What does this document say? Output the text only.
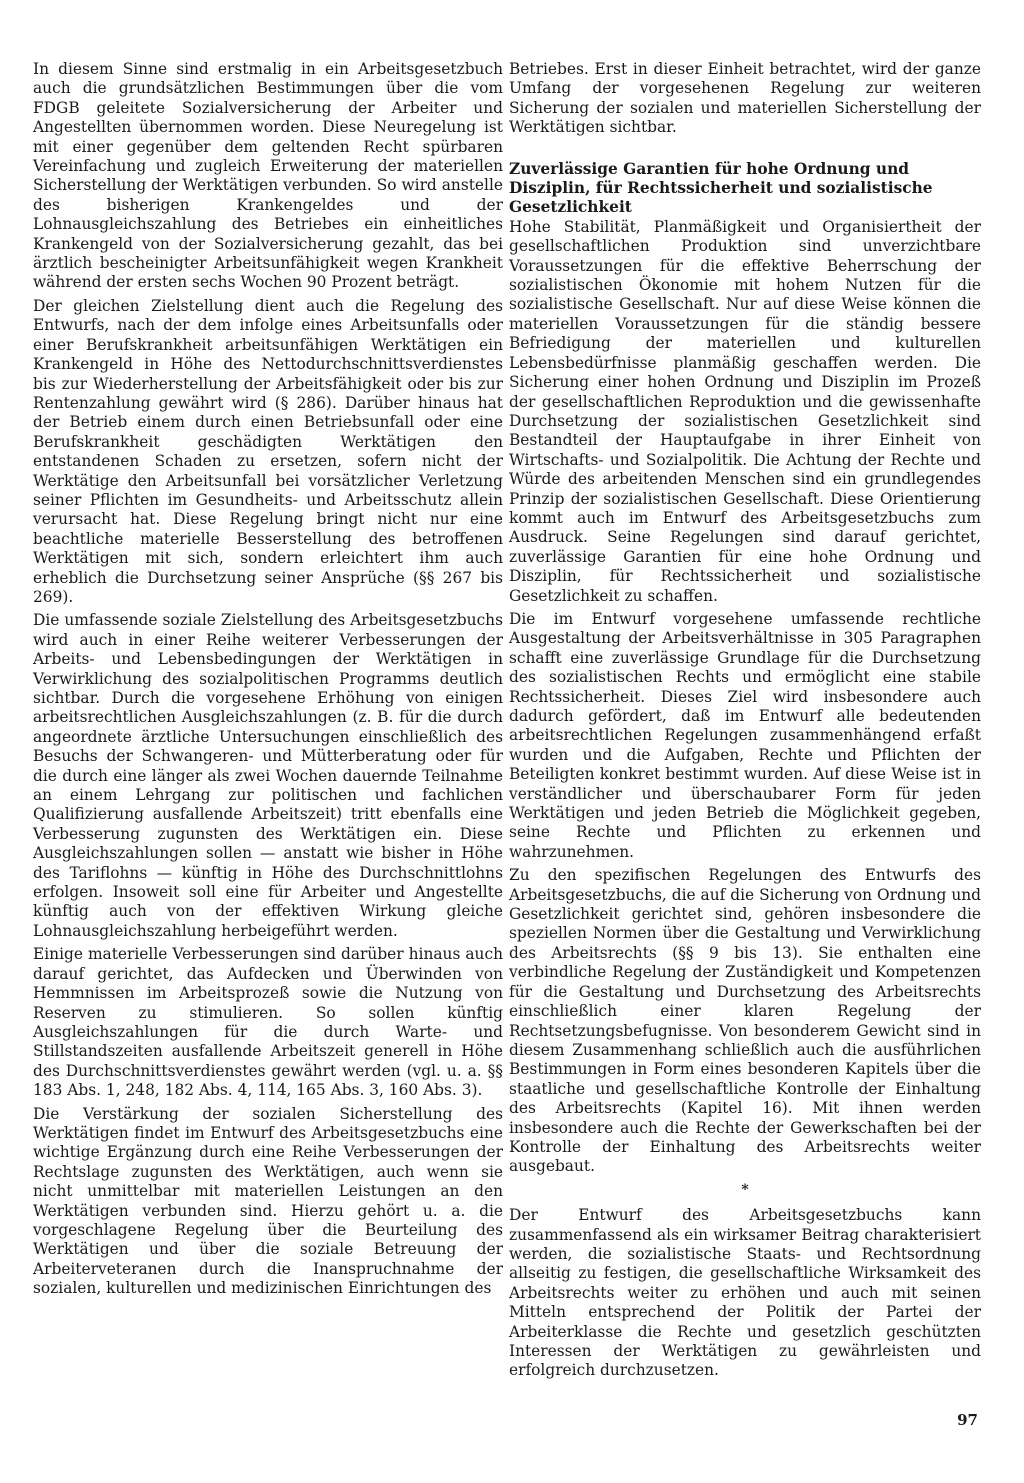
In diesem Sinne sind erstmalig in ein Arbeitsgesetzbuch auch die grundsätzlichen Bestimmungen über die vom FDGB geleitete Sozialversicherung der Arbeiter und Angestellten übernommen worden. Diese Neuregelung ist mit einer gegenüber dem geltenden Recht spürbaren Vereinfachung und zugleich Erweiterung der materiellen Sicherstellung der Werktätigen verbunden. So wird anstelle des bisherigen Krankengeldes und der Lohnausgleichszahlung des Betriebes ein einheitliches Krankengeld von der Sozialversicherung gezahlt, das bei ärztlich bescheinigter Arbeitsunfähigkeit wegen Krankheit während der ersten sechs Wochen 90 Prozent beträgt.

Der gleichen Zielstellung dient auch die Regelung des Entwurfs, nach der dem infolge eines Arbeitsunfalls oder einer Berufskrankheit arbeitsunfähigen Werktätigen ein Krankengeld in Höhe des Nettodurchschnittsverdienstes bis zur Wiederherstellung der Arbeitsfähigkeit oder bis zur Rentenzahlung gewährt wird (§ 286). Darüber hinaus hat der Betrieb einem durch einen Betriebsunfall oder eine Berufskrankheit geschädigten Werktätigen den entstandenen Schaden zu ersetzen, sofern nicht der Werktätige den Arbeitsunfall bei vorsätzlicher Verletzung seiner Pflichten im Gesundheits- und Arbeitsschutz allein verursacht hat. Diese Regelung bringt nicht nur eine beachtliche materielle Besserstellung des betroffenen Werktätigen mit sich, sondern erleichtert ihm auch erheblich die Durchsetzung seiner Ansprüche (§§ 267 bis 269).

Die umfassende soziale Zielstellung des Arbeitsgesetzbuchs wird auch in einer Reihe weiterer Verbesserungen der Arbeits- und Lebensbedingungen der Werktätigen in Verwirklichung des sozialpolitischen Programms deutlich sichtbar. Durch die vorgesehene Erhöhung von einigen arbeitsrechtlichen Ausgleichszahlungen (z. B. für die durch angeordnete ärztliche Untersuchungen einschließlich des Besuchs der Schwangeren- und Mütterberatung oder für die durch eine länger als zwei Wochen dauernde Teilnahme an einem Lehrgang zur politischen und fachlichen Qualifizierung ausfallende Arbeitszeit) tritt ebenfalls eine Verbesserung zugunsten des Werktätigen ein. Diese Ausgleichszahlungen sollen — anstatt wie bisher in Höhe des Tariflohns — künftig in Höhe des Durchschnittlohns erfolgen. Insoweit soll eine für Arbeiter und Angestellte künftig auch von der effektiven Wirkung gleiche Lohnausgleichszahlung herbeigeführt werden.

Einige materielle Verbesserungen sind darüber hinaus auch darauf gerichtet, das Aufdecken und Überwinden von Hemmnissen im Arbeitsprozeß sowie die Nutzung von Reserven zu stimulieren. So sollen künftig Ausgleichszahlungen für die durch Warte- und Stillstandszeiten ausfallende Arbeitszeit generell in Höhe des Durchschnittsverdienstes gewährt werden (vgl. u. a. §§ 183 Abs. 1, 248, 182 Abs. 4, 114, 165 Abs. 3, 160 Abs. 3).

Die Verstärkung der sozialen Sicherstellung des Werktätigen findet im Entwurf des Arbeitsgesetzbuchs eine wichtige Ergänzung durch eine Reihe Verbesserungen der Rechtslage zugunsten des Werktätigen, auch wenn sie nicht unmittelbar mit materiellen Leistungen an den Werktätigen verbunden sind. Hierzu gehört u. a. die vorgeschlagene Regelung über die Beurteilung des Werktätigen und über die soziale Betreuung der Arbeiterveteranen durch die Inanspruchnahme der sozialen, kulturellen und medizinischen Einrichtungen des

Betriebes. Erst in dieser Einheit betrachtet, wird der ganze Umfang der vorgesehenen Regelung zur weiteren Sicherung der sozialen und materiellen Sicherstellung der Werktätigen sichtbar.

Zuverlässige Garantien für hohe Ordnung und Disziplin, für Rechtssicherheit und sozialistische Gesetzlichkeit

Hohe Stabilität, Planmäßigkeit und Organisiertheit der gesellschaftlichen Produktion sind unverzichtbare Voraussetzungen für die effektive Beherrschung der sozialistischen Ökonomie mit hohem Nutzen für die sozialistische Gesellschaft. Nur auf diese Weise können die materiellen Voraussetzungen für die ständig bessere Befriedigung der materiellen und kulturellen Lebensbedürfnisse planmäßig geschaffen werden. Die Sicherung einer hohen Ordnung und Disziplin im Prozeß der gesellschaftlichen Reproduktion und die gewissenhafte Durchsetzung der sozialistischen Gesetzlichkeit sind Bestandteil der Hauptaufgabe in ihrer Einheit von Wirtschafts- und Sozialpolitik. Die Achtung der Rechte und Würde des arbeitenden Menschen sind ein grundlegendes Prinzip der sozialistischen Gesellschaft. Diese Orientierung kommt auch im Entwurf des Arbeitsgesetzbuchs zum Ausdruck. Seine Regelungen sind darauf gerichtet, zuverlässige Garantien für eine hohe Ordnung und Disziplin, für Rechtssicherheit und sozialistische Gesetzlichkeit zu schaffen.

Die im Entwurf vorgesehene umfassende rechtliche Ausgestaltung der Arbeitsverhältnisse in 305 Paragraphen schafft eine zuverlässige Grundlage für die Durchsetzung des sozialistischen Rechts und ermöglicht eine stabile Rechtssicherheit. Dieses Ziel wird insbesondere auch dadurch gefördert, daß im Entwurf alle bedeutenden arbeitsrechtlichen Regelungen zusammenhängend erfaßt wurden und die Aufgaben, Rechte und Pflichten der Beteiligten konkret bestimmt wurden. Auf diese Weise ist in verständlicher und überschaubarer Form für jeden Werktätigen und jeden Betrieb die Möglichkeit gegeben, seine Rechte und Pflichten zu erkennen und wahrzunehmen.

Zu den spezifischen Regelungen des Entwurfs des Arbeitsgesetzbuchs, die auf die Sicherung von Ordnung und Gesetzlichkeit gerichtet sind, gehören insbesondere die speziellen Normen über die Gestaltung und Verwirklichung des Arbeitsrechts (§§ 9 bis 13). Sie enthalten eine verbindliche Regelung der Zuständigkeit und Kompetenzen für die Gestaltung und Durchsetzung des Arbeitsrechts einschließlich einer klaren Regelung der Rechtsetzungsbefugnisse. Von besonderem Gewicht sind in diesem Zusammenhang schließlich auch die ausführlichen Bestimmungen in Form eines besonderen Kapitels über die staatliche und gesellschaftliche Kontrolle der Einhaltung des Arbeitsrechts (Kapitel 16). Mit ihnen werden insbesondere auch die Rechte der Gewerkschaften bei der Kontrolle der Einhaltung des Arbeitsrechts weiter ausgebaut.

*

Der Entwurf des Arbeitsgesetzbuchs kann zusammenfassend als ein wirksamer Beitrag charakterisiert werden, die sozialistische Staats- und Rechtsordnung allseitig zu festigen, die gesellschaftliche Wirksamkeit des Arbeitsrechts weiter zu erhöhen und auch mit seinen Mitteln entsprechend der Politik der Partei der Arbeiterklasse die Rechte und gesetzlich geschützten Interessen der Werktätigen zu gewährleisten und erfolgreich durchzusetzen.

97
